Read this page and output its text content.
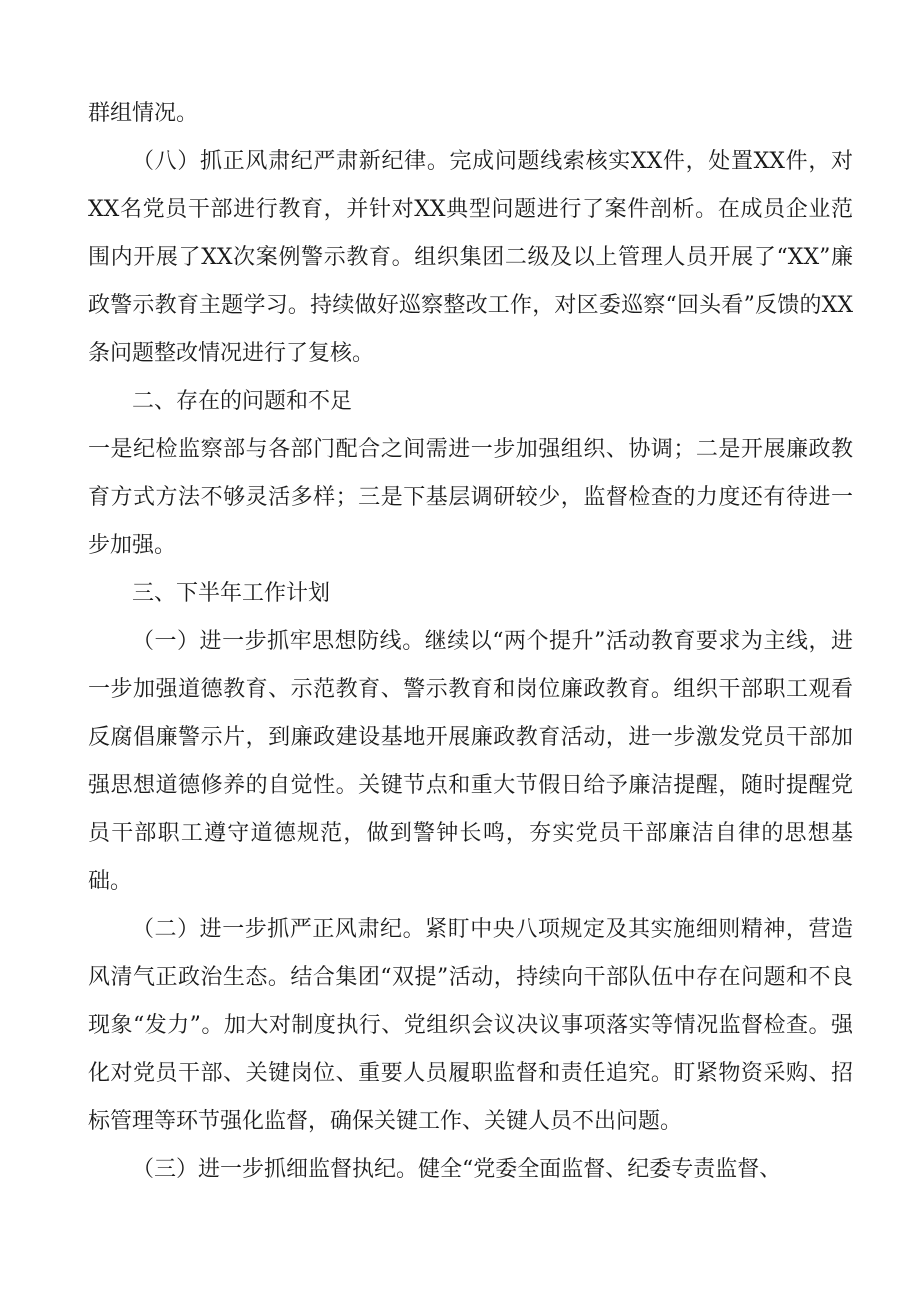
群组情况。

（八）抓正风肃纪严肃新纪律。完成问题线索核实XX件，处置XX件，对XX名党员干部进行教育，并针对XX典型问题进行了案件剖析。在成员企业范围内开展了XX次案例警示教育。组织集团二级及以上管理人员开展了“XX”廉政警示教育主题学习。持续做好巡察整改工作，对区委巡察“回头看”反馈的XX条问题整改情况进行了复核。

二、存在的问题和不足

一是纪检监察部与各部门配合之间需进一步加强组织、协调；二是开展廉政教育方式方法不够灵活多样；三是下基层调研较少，监督检查的力度还有待进一步加强。

三、下半年工作计划

（一）进一步抓牢思想防线。继续以“两个提升”活动教育要求为主线，进一步加强道德教育、示范教育、警示教育和岗位廉政教育。组织干部职工观看反腐倡廉警示片，到廉政建设基地开展廉政教育活动，进一步激发党员干部加强思想道德修养的自觉性。关键节点和重大节假日给予廉洁提醒，随时提醒党员干部职工遵守道德规范，做到警钟长鸣，夯实党员干部廉洁自律的思想基础。

（二）进一步抓严正风肃纪。紧盯中央八项规定及其实施细则精神，营造风清气正政治生态。结合集团“双提”活动，持续向干部队伍中存在问题和不良现象“发力”。加大对制度执行、党组织会议决议事项落实等情况监督检查。强化对党员干部、关键岗位、重要人员履职监督和责任追究。盯紧物资采购、招标管理等环节强化监督，确保关键工作、关键人员不出问题。

（三）进一步抓细监督执纪。健全“党委全面监督、纪委专责监督、
